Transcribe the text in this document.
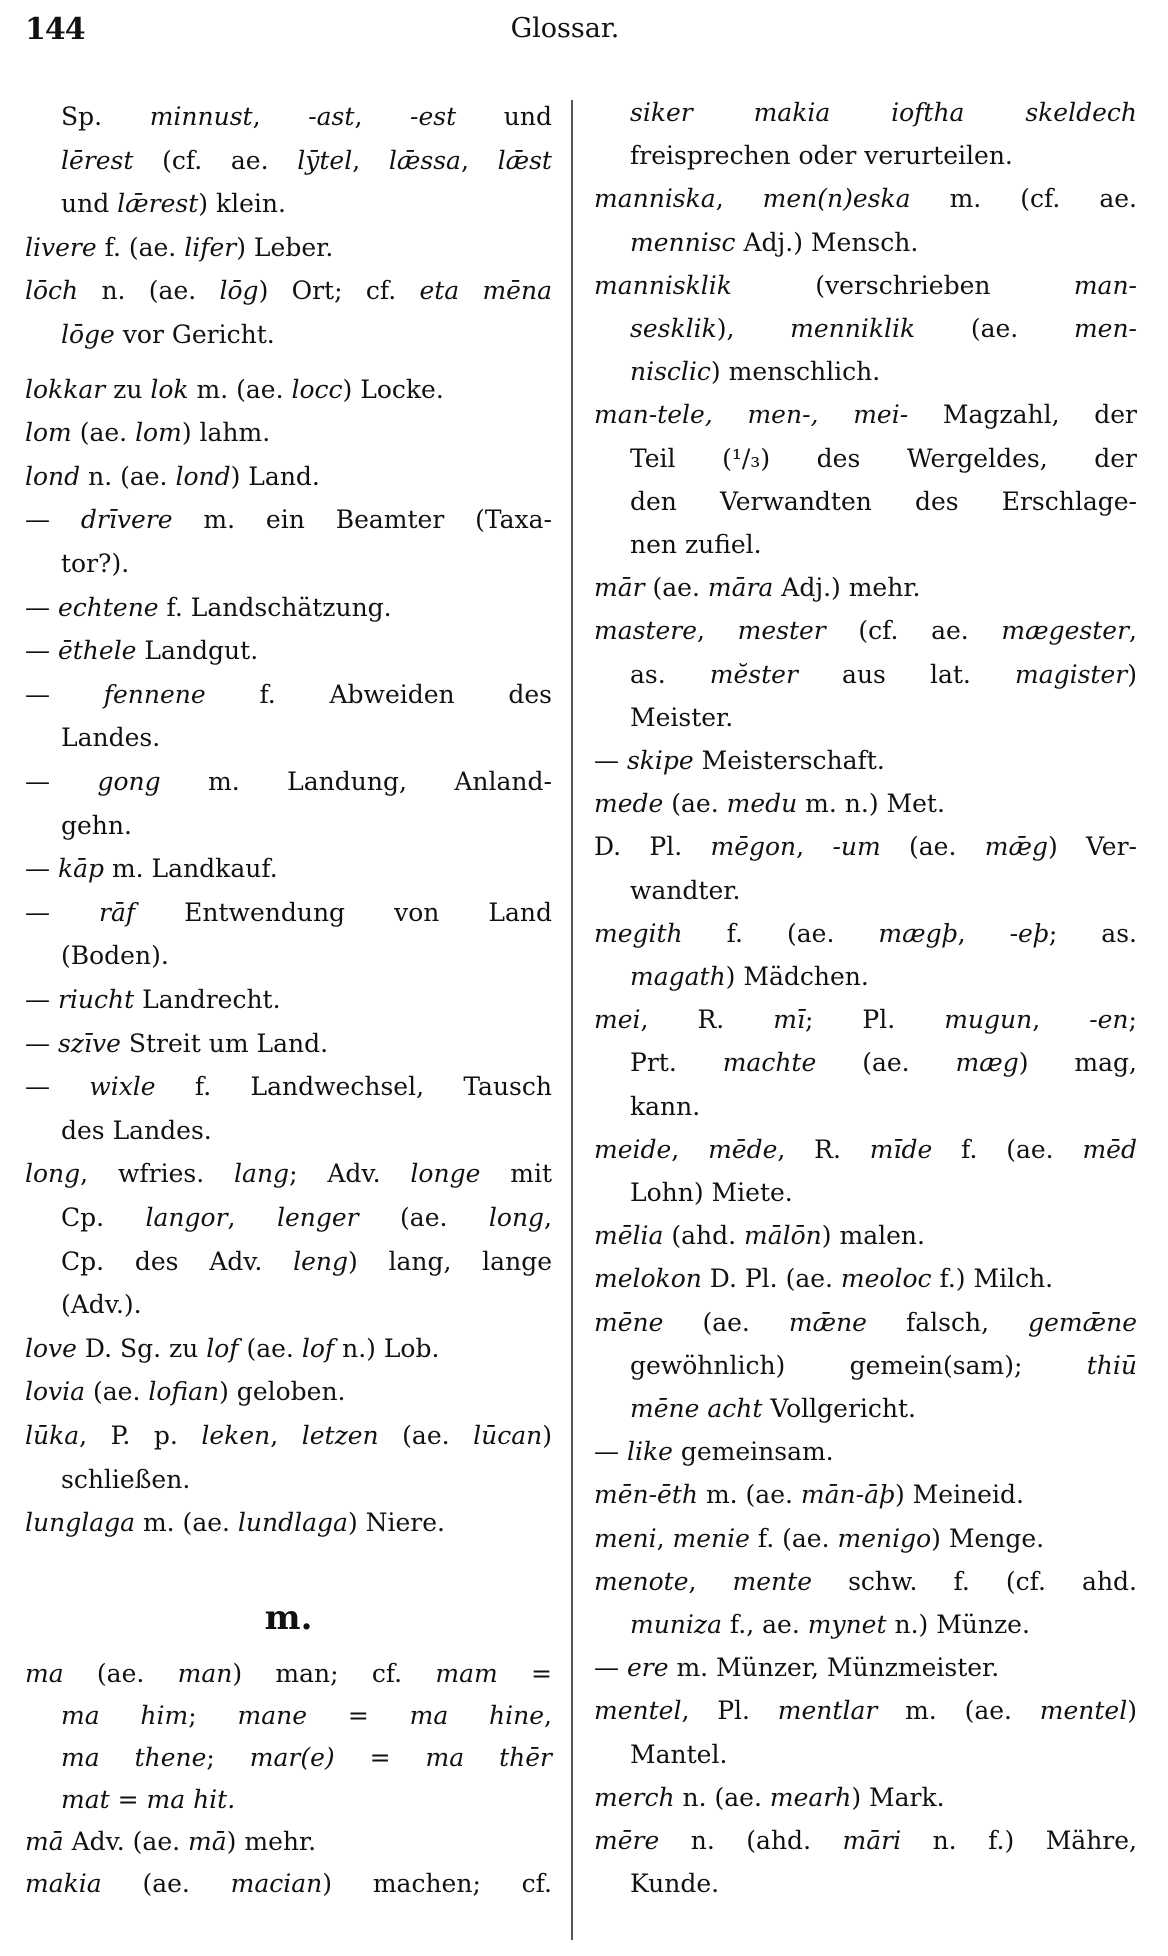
144	Glossar.
Sp. minnust, -ast, -est und
lērest (cf. ae. lȳtel, lǣssa, lǣst
und lǣrest) klein.
livere f. (ae. lifer) Leber.
lōch n. (ae. lōg) Ort; cf. eta mēna
lōge vor Gericht.
lokkar zu lok m. (ae. locc) Locke.
lom (ae. lom) lahm.
lond n. (ae. lond) Land.
— drīvere m. ein Beamter (Taxa-
tor?).
— echtene f. Landschätzung.
— ēthele Landgut.
— fennene f. Abweiden des
Landes.
— gong m. Landung, Anland-
gehn.
— kāp m. Landkauf.
— rāf Entwendung von Land
(Boden).
— riucht Landrecht.
— szīve Streit um Land.
— wixle f. Landwechsel, Tausch
des Landes.
long, wfries. lang; Adv. longe mit
Cp. langor, lenger (ae. long,
Cp. des Adv. leng) lang, lange
(Adv.).
love D. Sg. zu lof (ae. lof n.) Lob.
lovia (ae. lofian) geloben.
lūka, P. p. leken, letzen (ae. lūcan)
schließen.
lunglaga m. (ae. lundlaga) Niere.
m.
ma (ae. man) man; cf. mam =
ma him; mane = ma hine,
ma thene; mar(e) = ma thēr
mat = ma hit.
mā Adv. (ae. mā) mehr.
makia (ae. macian) machen; cf.
siker makia ioftha skeldech
freisprechen oder verurteilen.
manniska, men(n)eska m. (cf. ae.
mennisc Adj.) Mensch.
mannisklik (verschrieben man-
sesklik), menniklik (ae. men-
nisclic) menschlich.
man-tele, men-, mei- Magzahl, der
Teil (¹/₃) des Wergeldes, der
den Verwandten des Erschlage-
nen zufiel.
mār (ae. māra Adj.) mehr.
mastere, mester (cf. ae. mægester,
as. mĕster aus lat. magister)
Meister.
— skipe Meisterschaft.
mede (ae. medu m. n.) Met.
D. Pl. mēgon, -um (ae. mǣg) Ver-
wandter.
megith f. (ae. mægþ, -eþ; as.
magath) Mädchen.
mei, R. mī; Pl. mugun, -en;
Prt. machte (ae. mæg) mag,
kann.
meide, mēde, R. mīde f. (ae. mēd
Lohn) Miete.
mēlia (ahd. mālōn) malen.
melokon D. Pl. (ae. meoloc f.) Milch.
mēne (ae. mǣne falsch, gemǣne
gewöhnlich) gemein(sam); thiū
mēne acht Vollgericht.
— like gemeinsam.
mēn-ēth m. (ae. mān-āþ) Meineid.
meni, menie f. (ae. menigo) Menge.
menote, mente schw. f. (cf. ahd.
muniza f., ae. mynet n.) Münze.
— ere m. Münzer, Münzmeister.
mentel, Pl. mentlar m. (ae. mentel)
Mantel.
merch n. (ae. mearh) Mark.
mēre n. (ahd. māri n. f.) Mähre,
Kunde.
